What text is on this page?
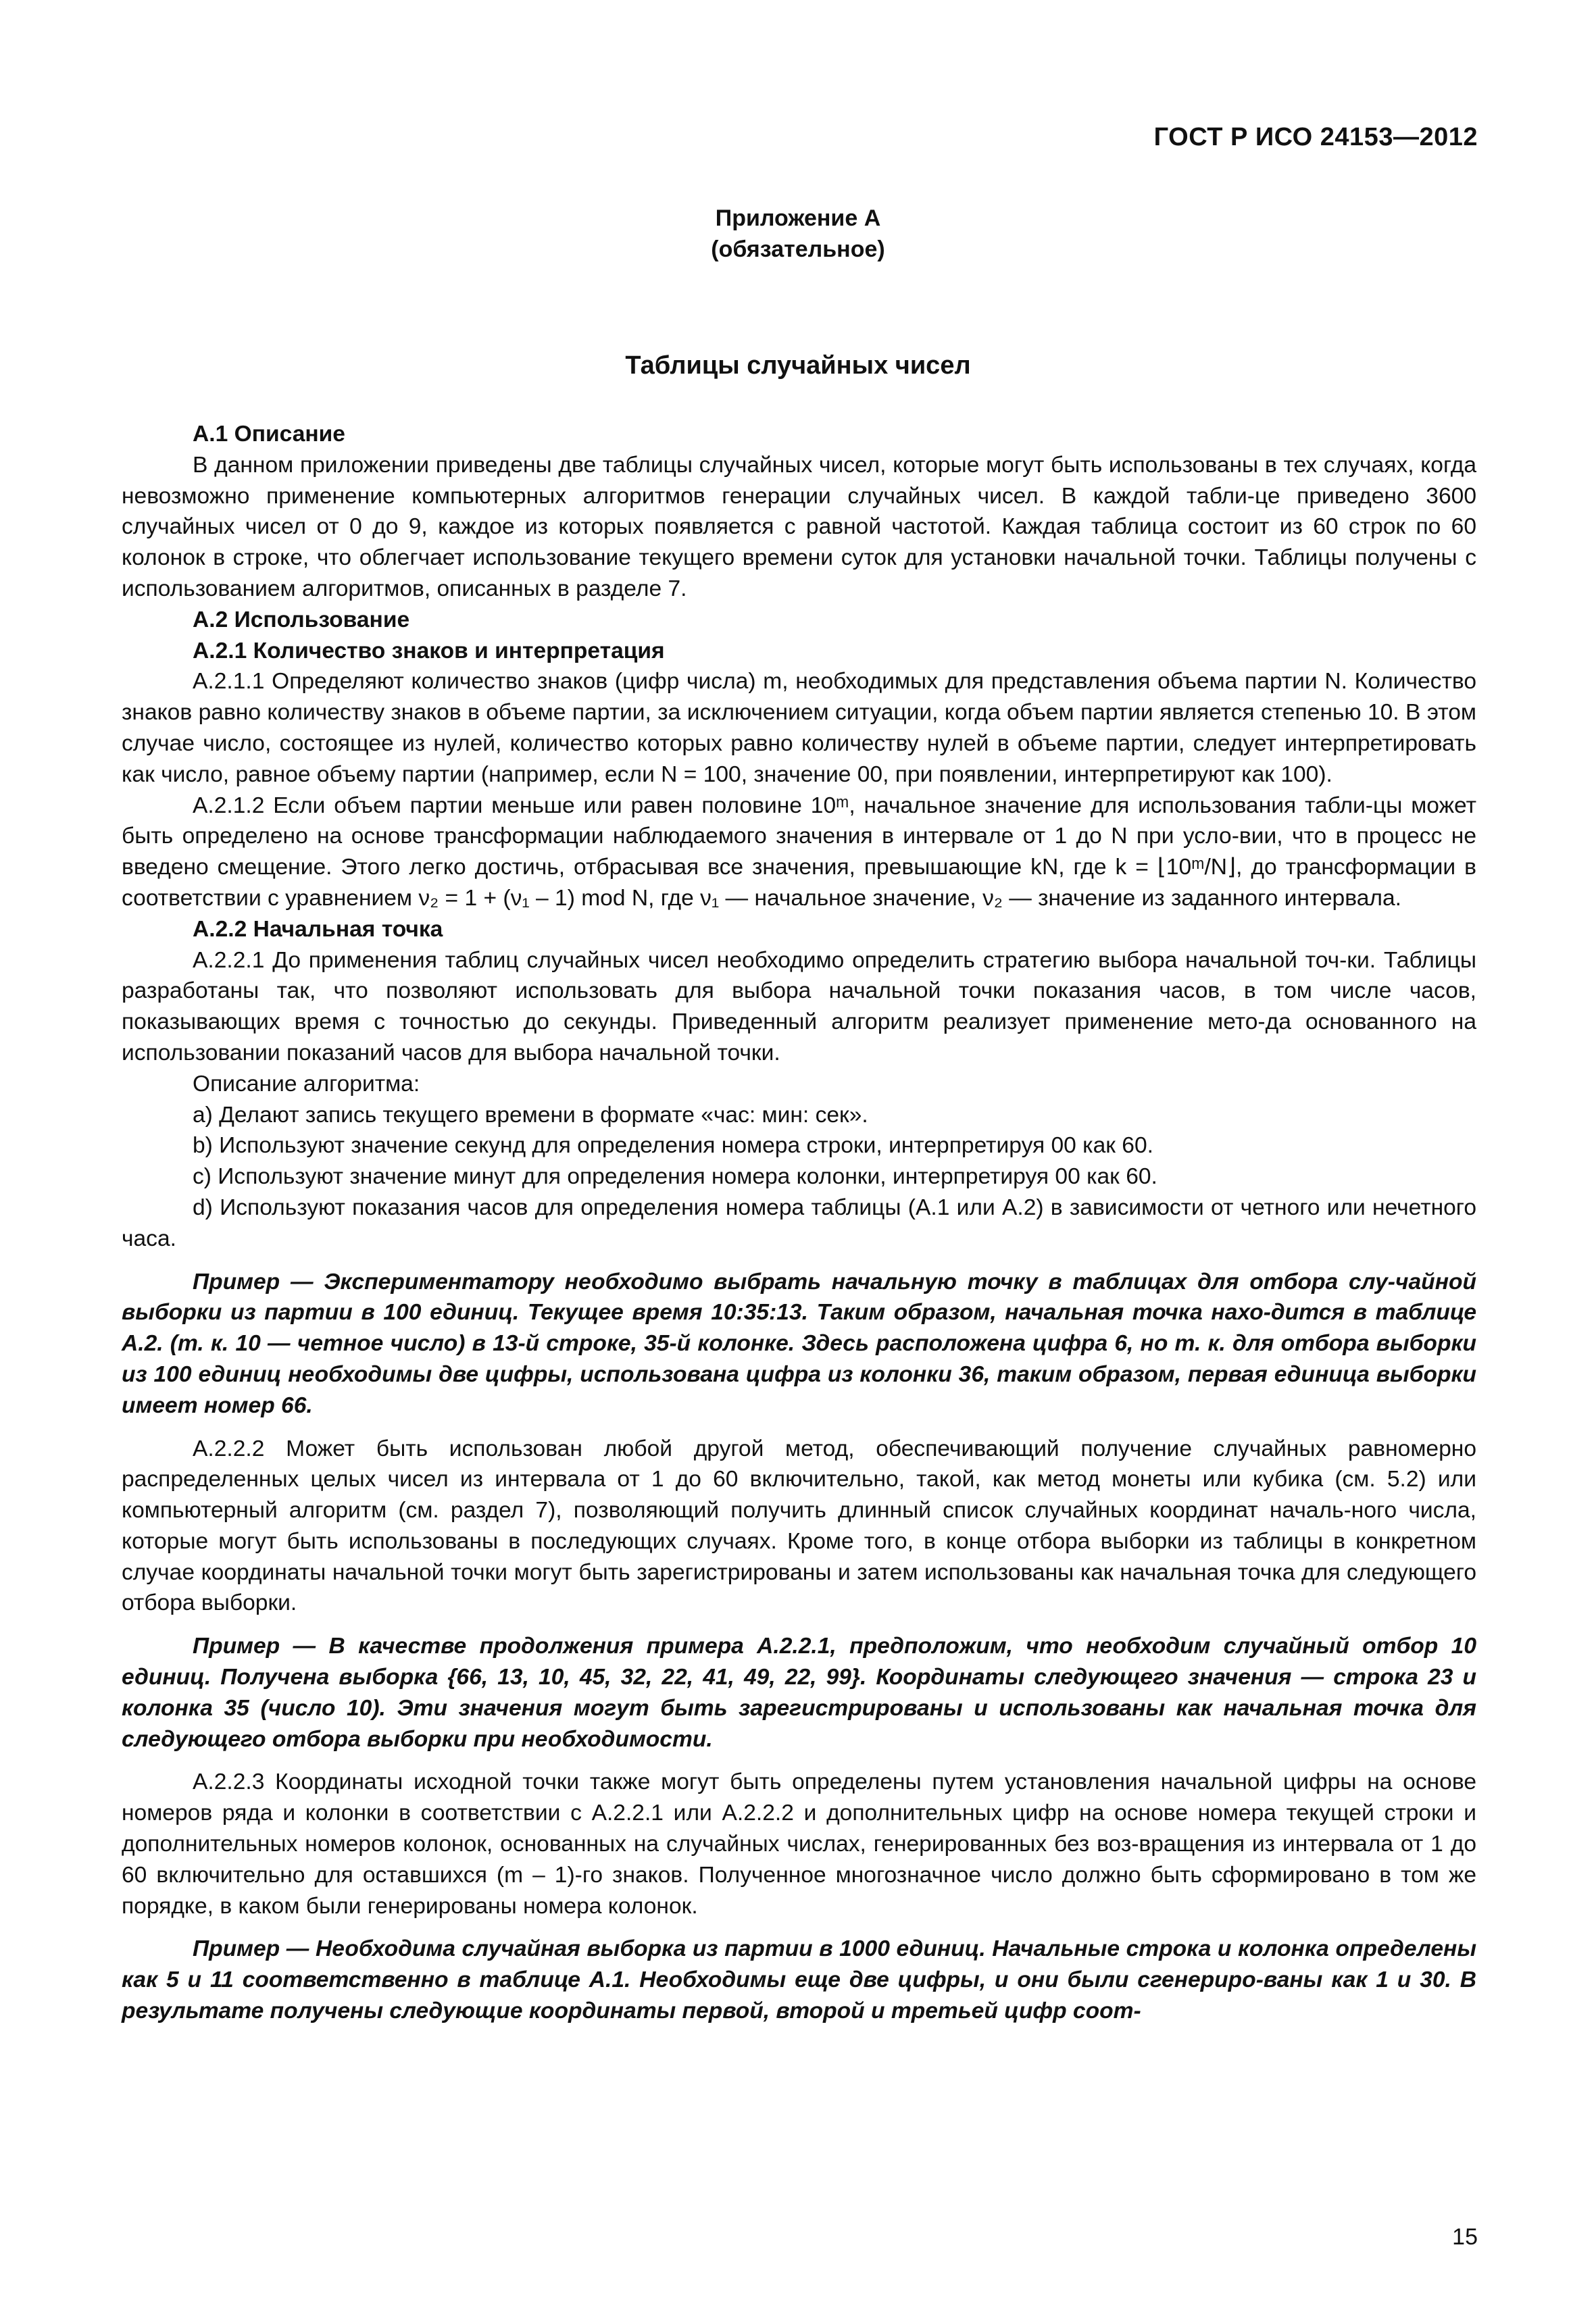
ГОСТ Р ИСО 24153—2012
Приложение А
(обязательное)
Таблицы случайных чисел

А.1 Описание

В данном приложении приведены две таблицы случайных чисел, которые могут быть использованы в тех случаях, когда невозможно применение компьютерных алгоритмов генерации случайных чисел. В каждой табли-це приведено 3600 случайных чисел от 0 до 9, каждое из которых появляется с равной частотой. Каждая таблица состоит из 60 строк по 60 колонок в строке, что облегчает использование текущего времени суток для установки начальной точки. Таблицы получены с использованием алгоритмов, описанных в разделе 7.

А.2 Использование

А.2.1 Количество знаков и интерпретация

А.2.1.1 Определяют количество знаков (цифр числа) m, необходимых для представления объема партии N. Количество знаков равно количеству знаков в объеме партии, за исключением ситуации, когда объем партии является степенью 10. В этом случае число, состоящее из нулей, количество которых равно количеству нулей в объеме партии, следует интерпретировать как число, равное объему партии (например, если N = 100, значение 00, при появлении, интерпретируют как 100).

А.2.1.2 Если объем партии меньше или равен половине 10ᵐ, начальное значение для использования табли-цы может быть определено на основе трансформации наблюдаемого значения в интервале от 1 до N при усло-вии, что в процесс не введено смещение. Этого легко достичь, отбрасывая все значения, превышающие kN, где k = ⌊10ᵐ/N⌋, до трансформации в соответствии с уравнением ν₂ = 1 + (ν₁ – 1) mod N, где ν₁ — начальное значение, ν₂ — значение из заданного интервала.

А.2.2 Начальная точка

А.2.2.1 До применения таблиц случайных чисел необходимо определить стратегию выбора начальной точ-ки. Таблицы разработаны так, что позволяют использовать для выбора начальной точки показания часов, в том числе часов, показывающих время с точностью до секунды. Приведенный алгоритм реализует применение мето-да основанного на использовании показаний часов для выбора начальной точки.

Описание алгоритма:

a) Делают запись текущего времени в формате «час: мин: сек».

b) Используют значение секунд для определения номера строки, интерпретируя 00 как 60.

c) Используют значение минут для определения номера колонки, интерпретируя 00 как 60.

d) Используют показания часов для определения номера таблицы (А.1 или А.2) в зависимости от четного или нечетного часа.

Пример — Экспериментатору необходимо выбрать начальную точку в таблицах для отбора слу-чайной выборки из партии в 100 единиц. Текущее время 10:35:13. Таким образом, начальная точка нахо-дится в таблице А.2. (т. к. 10 — четное число) в 13-й строке, 35-й колонке. Здесь расположена цифра 6, но т. к. для отбора выборки из 100 единиц необходимы две цифры, использована цифра из колонки 36, таким образом, первая единица выборки имеет номер 66.

А.2.2.2 Может быть использован любой другой метод, обеспечивающий получение случайных равномерно распределенных целых чисел из интервала от 1 до 60 включительно, такой, как метод монеты или кубика (см. 5.2) или компьютерный алгоритм (см. раздел 7), позволяющий получить длинный список случайных координат началь-ного числа, которые могут быть использованы в последующих случаях. Кроме того, в конце отбора выборки из таблицы в конкретном случае координаты начальной точки могут быть зарегистрированы и затем использованы как начальная точка для следующего отбора выборки.

Пример — В качестве продолжения примера А.2.2.1, предположим, что необходим случайный отбор 10 единиц. Получена выборка {66, 13, 10, 45, 32, 22, 41, 49, 22, 99}. Координаты следующего значения — строка 23 и колонка 35 (число 10). Эти значения могут быть зарегистрированы и использованы как начальная точка для следующего отбора выборки при необходимости.

А.2.2.3 Координаты исходной точки также могут быть определены путем установления начальной цифры на основе номеров ряда и колонки в соответствии с А.2.2.1 или А.2.2.2 и дополнительных цифр на основе номера текущей строки и дополнительных номеров колонок, основанных на случайных числах, генерированных без воз-вращения из интервала от 1 до 60 включительно для оставшихся (m – 1)-го знаков. Полученное многозначное число должно быть сформировано в том же порядке, в каком были генерированы номера колонок.

Пример — Необходима случайная выборка из партии в 1000 единиц. Начальные строка и колонка определены как 5 и 11 соответственно в таблице А.1. Необходимы еще две цифры, и они были сгенериро-ваны как 1 и 30. В результате получены следующие координаты первой, второй и третьей цифр соот-

15
